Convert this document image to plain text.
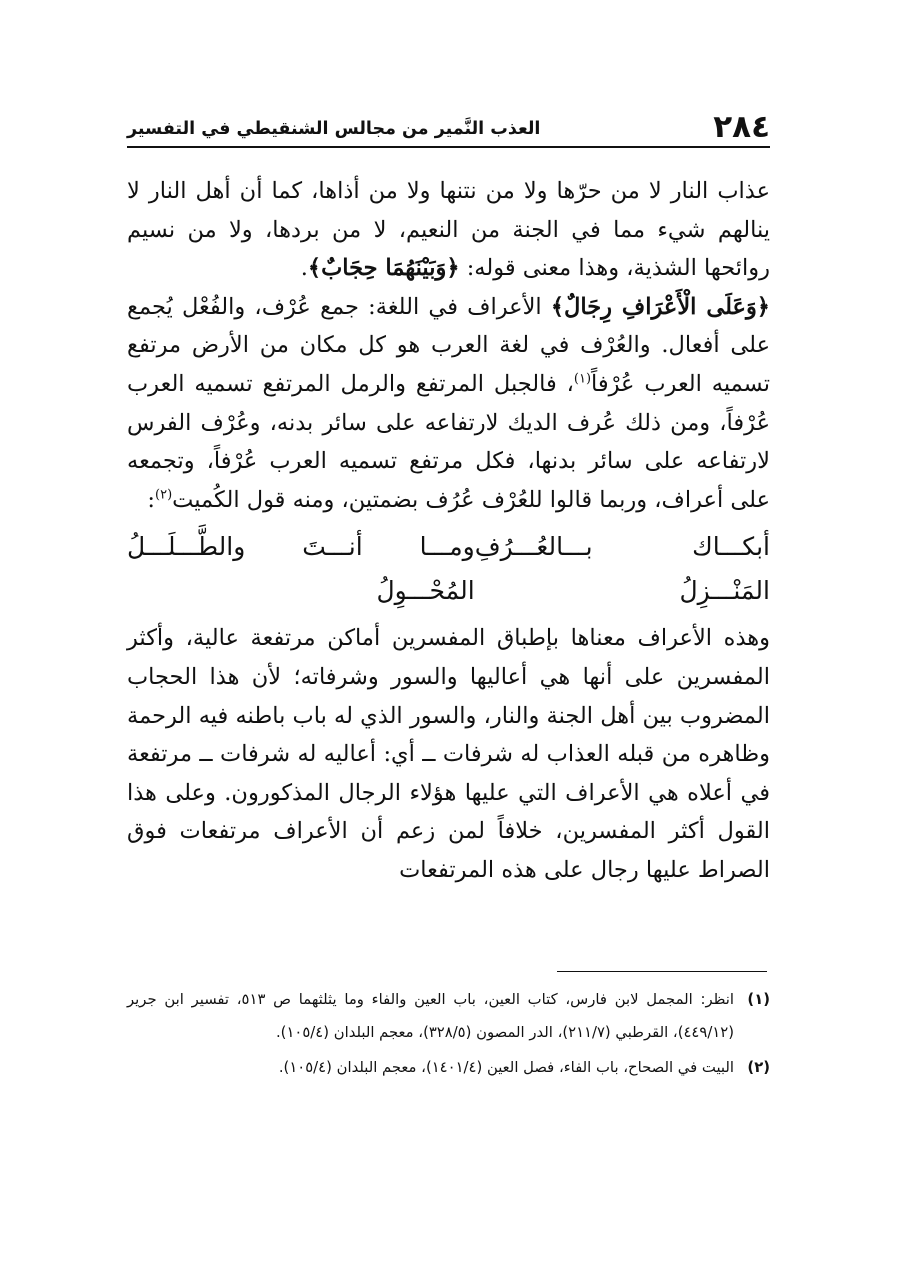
٢٨٤
العذب النَّمير من مجالس الشنقيطي في التفسير

عذاب النار لا من حرّها ولا من نتنها ولا من أذاها، كما أن أهل النار لا ينالهم شيء مما في الجنة من النعيم، لا من بردها، ولا من نسيم روائحها الشذية، وهذا معنى قوله: ﴿وَبَيْنَهُمَا حِجَابٌ﴾.

﴿وَعَلَى الْأَعْرَافِ رِجَالٌ﴾ الأعراف في اللغة: جمع عُرْف، والفُعْل يُجمع على أفعال. والعُرْف في لغة العرب هو كل مكان من الأرض مرتفع تسميه العرب عُرْفاً$^{(١)}$، فالجبل المرتفع والرمل المرتفع تسميه العرب عُرْفاً، ومن ذلك عُرف الديك لارتفاعه على سائر بدنه، وعُرْف الفرس لارتفاعه على سائر بدنها، فكل مرتفع تسميه العرب عُرْفاً، وتجمعه على أعراف، وربما قالوا للعُرْف عُرُف بضمتين، ومنه قول الكُميت$^{(٢)}$:

أبكـــاك بـــالعُـــرُفِ المَنْـــزِلُ
ومـــا أنـــتَ والطَّـــلَـــلُ المُحْـــوِلُ

وهذه الأعراف معناها بإطباق المفسرين أماكن مرتفعة عالية، وأكثر المفسرين على أنها هي أعاليها والسور وشرفاته؛ لأن هذا الحجاب المضروب بين أهل الجنة والنار، والسور الذي له باب باطنه فيه الرحمة وظاهره من قبله العذاب له شرفات ــ أي: أعاليه له شرفات ــ مرتفعة في أعلاه هي الأعراف التي عليها هؤلاء الرجال المذكورون. وعلى هذا القول أكثر المفسرين، خلافاً لمن زعم أن الأعراف مرتفعات فوق الصراط عليها رجال على هذه المرتفعات

(١)
انظر: المجمل لابن فارس، كتاب العين، باب العين والفاء وما يثلثهما ص ٥١٣، تفسير ابن جرير (٤٤٩/١٢)، القرطبي (٢١١/٧)، الدر المصون (٣٢٨/٥)، معجم البلدان (١٠٥/٤).
(٢)
البيت في الصحاح، باب الفاء، فصل العين (١٤٠١/٤)، معجم البلدان (١٠٥/٤).
